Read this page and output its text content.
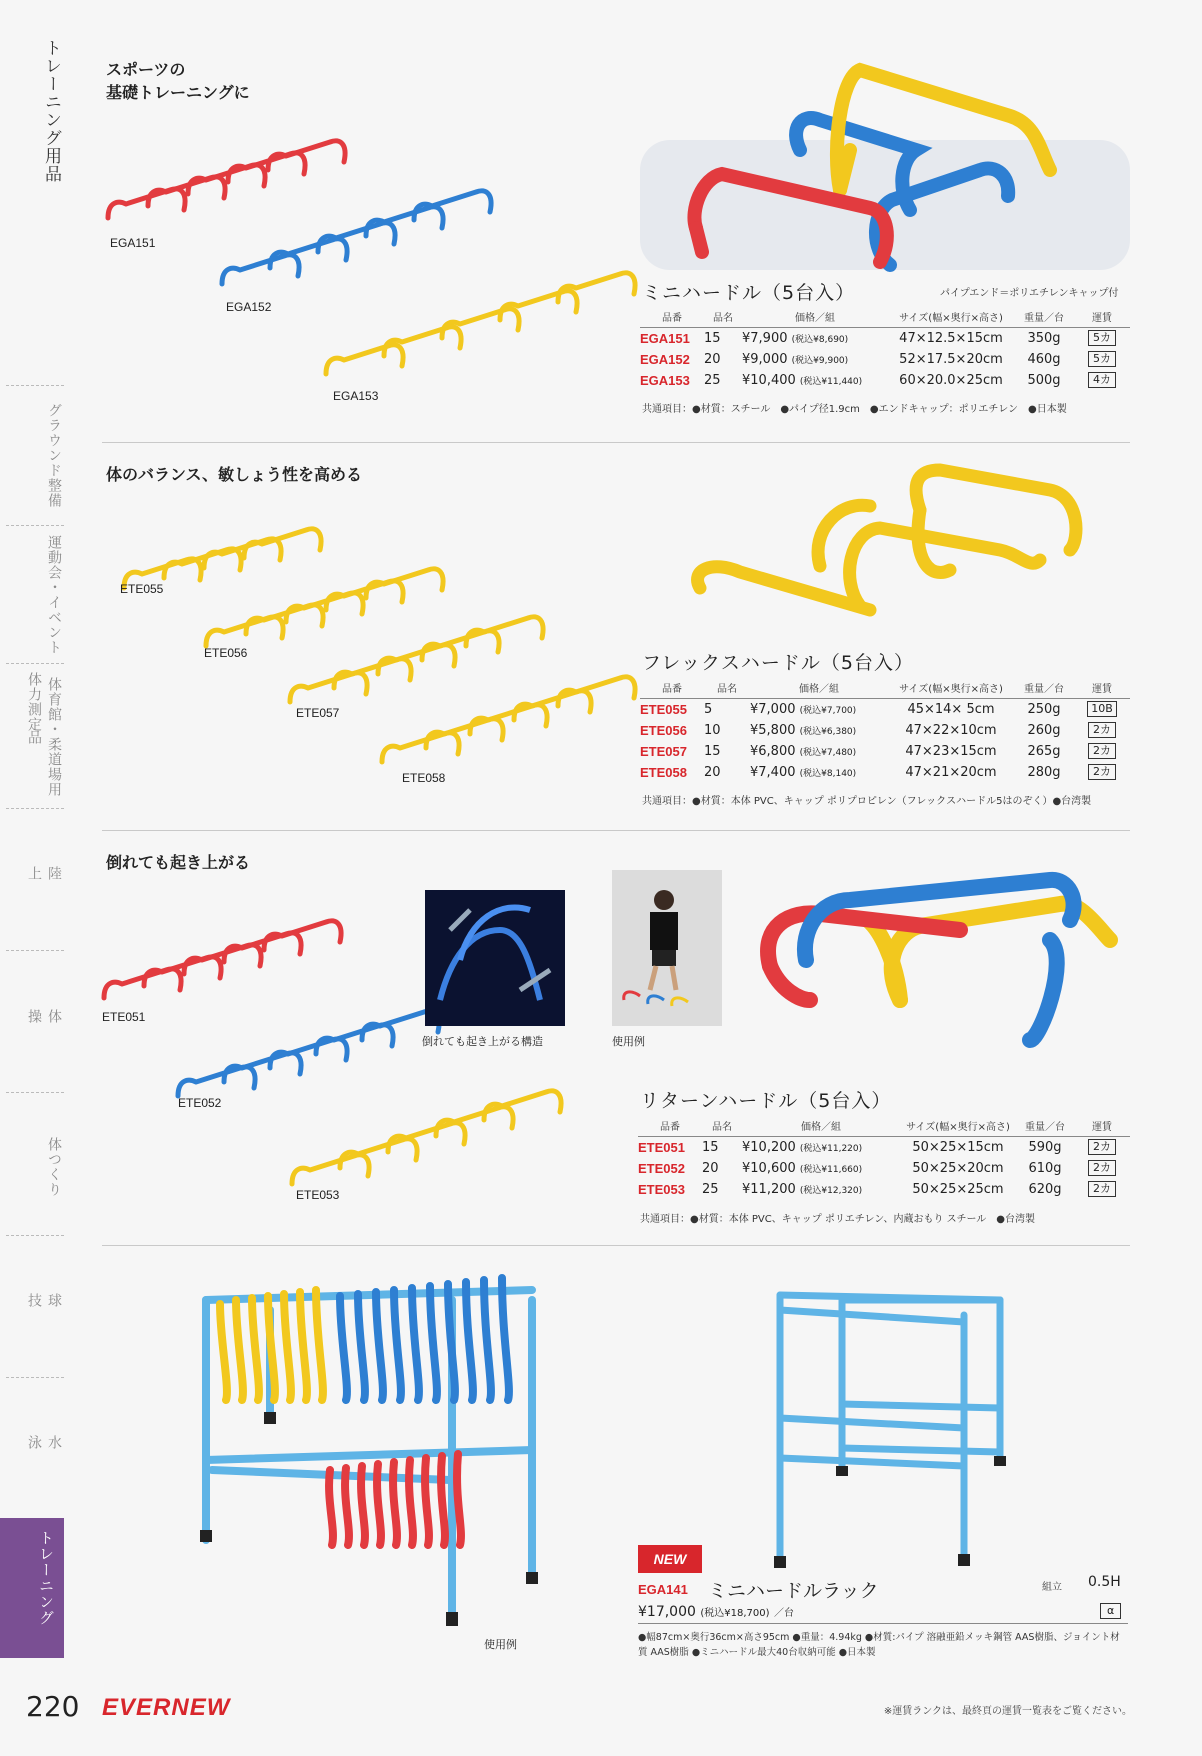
トレーニング用品
グラウンド整備
運動会・イベント
体育館・柔道場用品
体力測定
陸上
体操
体つくり
球技
水泳
トレーニング
220 EVERNEW	※運賃ランクは、最終頁の運賃一覧表をご覧ください。
スポーツの
基礎トレーニングに
EGA151
EGA152
EGA153
ミニハードル（5台入）	パイプエンド＝ポリエチレンキャップ付
品番	品名	価格／組	サイズ(幅×奥行×高さ)	重量／台	運賃
EGA151	15	¥7,900 (税込¥8,690)	47×12.5×15cm	350g	5カ
EGA152	20	¥9,000 (税込¥9,900)	52×17.5×20cm	460g	5カ
EGA153	25	¥10,400 (税込¥11,440)	60×20.0×25cm	500g	4カ
共通項目：●材質：スチール　●パイプ径1.9cm　●エンドキャップ：ポリエチレン　●日本製
体のバランス、敏しょう性を高める
ETE055
ETE056
ETE057
ETE058
フレックスハードル（5台入）
品番	品名	価格／組	サイズ(幅×奥行×高さ)	重量／台	運賃
ETE055	5	¥7,000 (税込¥7,700)	45×14× 5cm	250g	10B
ETE056	10	¥5,800 (税込¥6,380)	47×22×10cm	260g	2カ
ETE057	15	¥6,800 (税込¥7,480)	47×23×15cm	265g	2カ
ETE058	20	¥7,400 (税込¥8,140)	47×21×20cm	280g	2カ
共通項目：●材質：本体 PVC、キャップ ポリプロピレン（フレックスハードル5はのぞく）●台湾製
倒れても起き上がる
ETE051
ETE052
ETE053
倒れても起き上がる構造	使用例
リターンハードル（5台入）
品番	品名	価格／組	サイズ(幅×奥行×高さ)	重量／台	運賃
ETE051	15	¥10,200 (税込¥11,220)	50×25×15cm	590g	2カ
ETE052	20	¥10,600 (税込¥11,660)	50×25×20cm	610g	2カ
ETE053	25	¥11,200 (税込¥12,320)	50×25×25cm	620g	2カ
共通項目：●材質：本体 PVC、キャップ ポリエチレン、内蔵おもり スチール　●台湾製
使用例
NEW
EGA141 ミニハードルラック	組立 0.5H
¥17,000 (税込¥18,700) ／台	α
●幅87cm×奥行36cm×高さ95cm ●重量：4.94kg ●材質:パイプ 溶融亜鉛メッキ鋼管 AAS樹脂、ジョイント材質 AAS樹脂 ●ミニハードル最大40台収納可能 ●日本製
